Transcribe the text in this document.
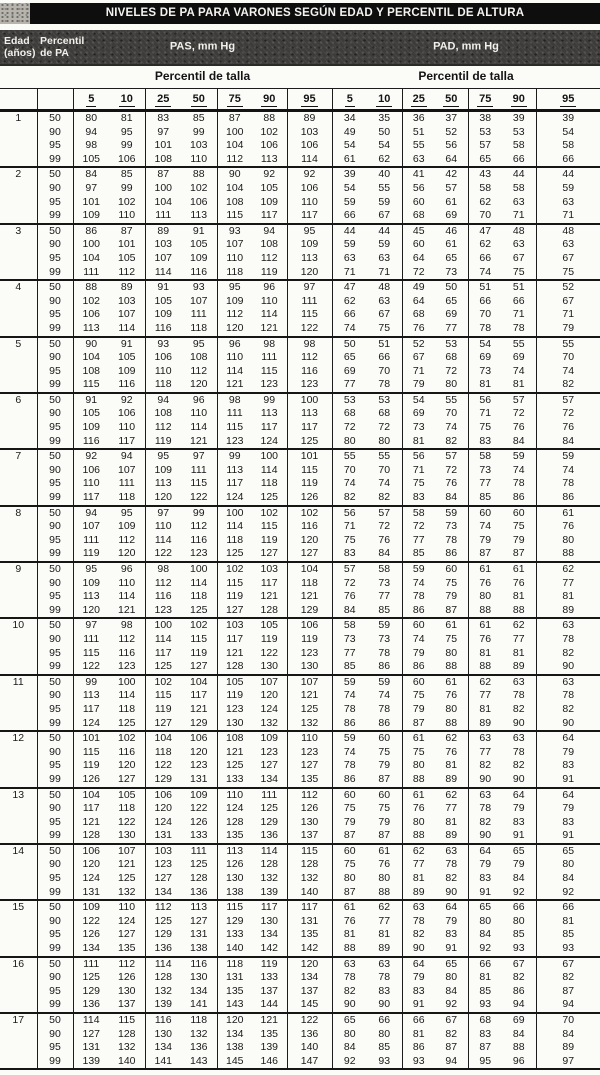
NIVELES DE PA PARA VARONES SEGÚN EDAD Y PERCENTIL DE ALTURA
Edad
(años)
Percentil
de PA
PAS, mm Hg	PAD, mm Hg
Percentil de talla	Percentil de talla
		5 10	25 50	75 90	95	5 10	25 50	75 90	95
1	50	80 81	83 85	87 88	89	34 35	36 37	38 39	39
	90	94 95	97 99	100 102	103	49 50	51 52	53 53	54
	95	98 99	101 103	104 106	106	54 54	55 56	57 58	58
	99	105 106	108 110	112 113	114	61 62	63 64	65 66	66
2	50	84 85	87 88	90 92	92	39 40	41 42	43 44	44
	90	97 99	100 102	104 105	106	54 55	56 57	58 58	59
	95	101 102	104 106	108 109	110	59 59	60 61	62 63	63
	99	109 110	111 113	115 117	117	66 67	68 69	70 71	71
3	50	86 87	89 91	93 94	95	44 44	45 46	47 48	48
	90	100 101	103 105	107 108	109	59 59	60 61	62 63	63
	95	104 105	107 109	110 112	113	63 63	64 65	66 67	67
	99	111 112	114 116	118 119	120	71 71	72 73	74 75	75
4	50	88 89	91 93	95 96	97	47 48	49 50	51 51	52
	90	102 103	105 107	109 110	111	62 63	64 65	66 66	67
	95	106 107	109 111	112 114	115	66 67	68 69	70 71	71
	99	113 114	116 118	120 121	122	74 75	76 77	78 78	79
5	50	90 91	93 95	96 98	98	50 51	52 53	54 55	55
	90	104 105	106 108	110 111	112	65 66	67 68	69 69	70
	95	108 109	110 112	114 115	116	69 70	71 72	73 74	74
	99	115 116	118 120	121 123	123	77 78	79 80	81 81	82
6	50	91 92	94 96	98 99	100	53 53	54 55	56 57	57
	90	105 106	108 110	111 113	113	68 68	69 70	71 72	72
	95	109 110	112 114	115 117	117	72 72	73 74	75 76	76
	99	116 117	119 121	123 124	125	80 80	81 82	83 84	84
7	50	92 94	95 97	99 100	101	55 55	56 57	58 59	59
	90	106 107	109 111	113 114	115	70 70	71 72	73 74	74
	95	110 111	113 115	117 118	119	74 74	75 76	77 78	78
	99	117 118	120 122	124 125	126	82 82	83 84	85 86	86
8	50	94 95	97 99	100 102	102	56 57	58 59	60 60	61
	90	107 109	110 112	114 115	116	71 72	72 73	74 75	76
	95	111 112	114 116	118 119	120	75 76	77 78	79 79	80
	99	119 120	122 123	125 127	127	83 84	85 86	87 87	88
9	50	95 96	98 100	102 103	104	57 58	59 60	61 61	62
	90	109 110	112 114	115 117	118	72 73	74 75	76 76	77
	95	113 114	116 118	119 121	121	76 77	78 79	80 81	81
	99	120 121	123 125	127 128	129	84 85	86 87	88 88	89
10	50	97 98	100 102	103 105	106	58 59	60 61	61 62	63
	90	111 112	114 115	117 119	119	73 73	74 75	76 77	78
	95	115 116	117 119	121 122	123	77 78	79 80	81 81	82
	99	122 123	125 127	128 130	130	85 86	86 88	88 89	90
11	50	99 100	102 104	105 107	107	59 59	60 61	62 63	63
	90	113 114	115 117	119 120	121	74 74	75 76	77 78	78
	95	117 118	119 121	123 124	125	78 78	79 80	81 82	82
	99	124 125	127 129	130 132	132	86 86	87 88	89 90	90
12	50	101 102	104 106	108 109	110	59 60	61 62	63 63	64
	90	115 116	118 120	121 123	123	74 75	75 76	77 78	79
	95	119 120	122 123	125 127	127	78 79	80 81	82 82	83
	99	126 127	129 131	133 134	135	86 87	88 89	90 90	91
13	50	104 105	106 109	110 111	112	60 60	61 62	63 64	64
	90	117 118	120 122	124 125	126	75 75	76 77	78 79	79
	95	121 122	124 126	128 129	130	79 79	80 81	82 83	83
	99	128 130	131 133	135 136	137	87 87	88 89	90 91	91
14	50	106 107	103 111	113 114	115	60 61	62 63	64 65	65
	90	120 121	123 125	126 128	128	75 76	77 78	79 79	80
	95	124 125	127 128	130 132	132	80 80	81 82	83 84	84
	99	131 132	134 136	138 139	140	87 88	89 90	91 92	92
15	50	109 110	112 113	115 117	117	61 62	63 64	65 66	66
	90	122 124	125 127	129 130	131	76 77	78 79	80 80	81
	95	126 127	129 131	133 134	135	81 81	82 83	84 85	85
	99	134 135	136 138	140 142	142	88 89	90 91	92 93	93
16	50	111 112	114 116	118 119	120	63 63	64 65	66 67	67
	90	125 126	128 130	131 133	134	78 78	79 80	81 82	82
	95	129 130	132 134	135 137	137	82 83	83 84	85 86	87
	99	136 137	139 141	143 144	145	90 90	91 92	93 94	94
17	50	114 115	116 118	120 121	122	65 66	66 67	68 69	70
	90	127 128	130 132	134 135	136	80 80	81 82	83 84	84
	95	131 132	134 136	138 139	140	84 85	86 87	87 88	89
	99	139 140	141 143	145 146	147	92 93	93 94	95 96	97
